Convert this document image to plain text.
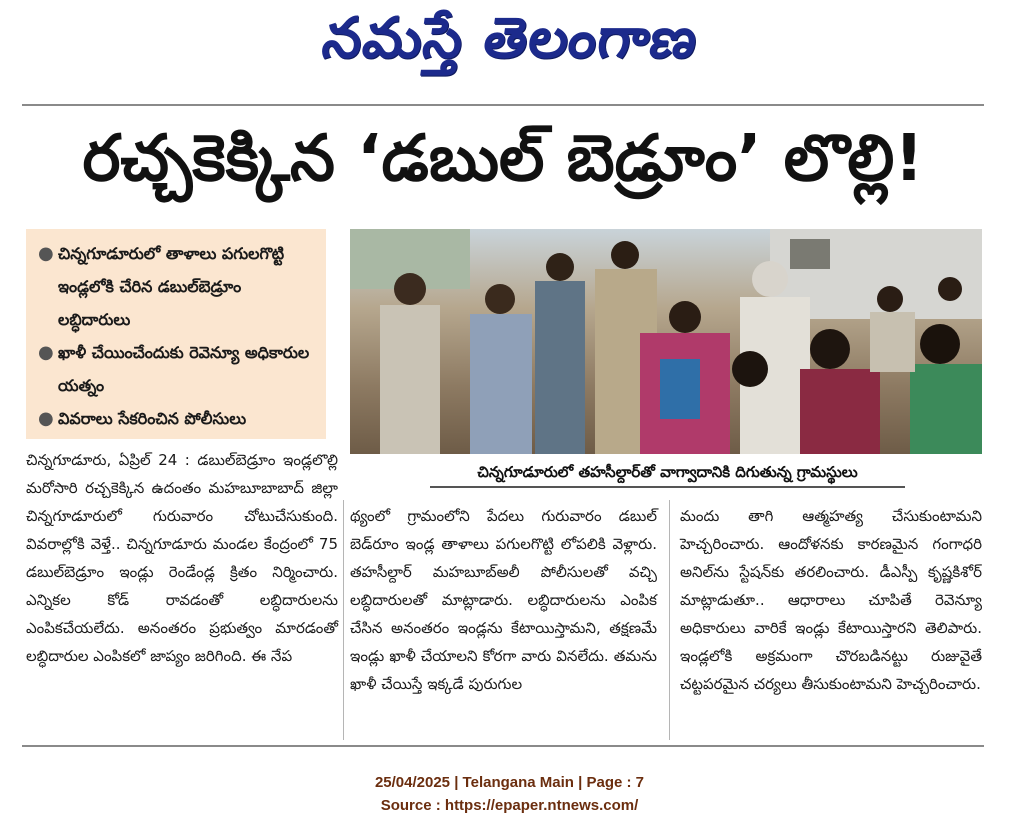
నమస్తే తెలంగాణ
రచ్చకెక్కిన ‘డబుల్ బెడ్రూం’ లొల్లి!
● చిన్నగూడూరులో తాళాలు పగులగొట్టి ఇండ్లలోకి చేరిన డబుల్‌బెడ్రూం లబ్ధిదారులు
● ఖాళీ చేయించేందుకు రెవెన్యూ అధికారుల యత్నం
● వివరాలు సేకరించిన పోలీసులు
చిన్నగూడూరులో తహసీల్దార్‌తో వాగ్వాదానికి దిగుతున్న గ్రామస్థులు
చిన్నగూడూరు, ఏప్రిల్ 24 : డబుల్‌బెడ్రూం ఇండ్లలొల్లి మరోసారి రచ్చకెక్కిన ఉదంతం మహబూబాబాద్ జిల్లా చిన్నగూడూరులో గురువారం చోటుచేసుకుంది. వివరాల్లోకి వెళ్తే.. చిన్నగూడూరు మండల కేంద్రంలో 75 డబుల్‌బెడ్రూం ఇండ్లు రెండేండ్ల క్రితం నిర్మించారు. ఎన్నికల కోడ్ రావడంతో లబ్ధిదారులను ఎంపికచేయలేదు. అనంతరం ప్రభుత్వం మారడంతో లబ్ధిదారుల ఎంపికలో జాప్యం జరిగింది. ఈ నేప
థ్యంలో గ్రామంలోని పేదలు గురువారం డబుల్ బెడ్‌రూం ఇండ్ల తాళాలు పగులగొట్టి లోపలికి వెళ్లారు. తహసీల్దార్ మహబూబ్‌అలీ పోలీసులతో వచ్చి లబ్ధిదారులతో మాట్లాడారు. లబ్ధిదారులను ఎంపిక చేసిన అనంతరం ఇండ్లను కేటాయిస్తామని, తక్షణమే ఇండ్లు ఖాళీ చేయాలని కోరగా వారు వినలేదు. తమను ఖాళీ చేయిస్తే ఇక్కడే పురుగుల
మందు తాగి ఆత్మహత్య చేసుకుంటామని హెచ్చరించారు. ఆందోళనకు కారణమైన గంగాధరి అనిల్‌ను స్టేషన్‌కు తరలించారు. డీఎస్పీ కృష్ణకిశోర్ మాట్లాడుతూ.. ఆధారాలు చూపితే రెవెన్యూ అధికారులు వారికే ఇండ్లు కేటాయిస్తారని తెలిపారు. ఇండ్లలోకి అక్రమంగా చొరబడినట్టు రుజువైతే చట్టపరమైన చర్యలు తీసుకుంటామని హెచ్చరించారు.
25/04/2025 | Telangana Main | Page : 7
Source : https://epaper.ntnews.com/
